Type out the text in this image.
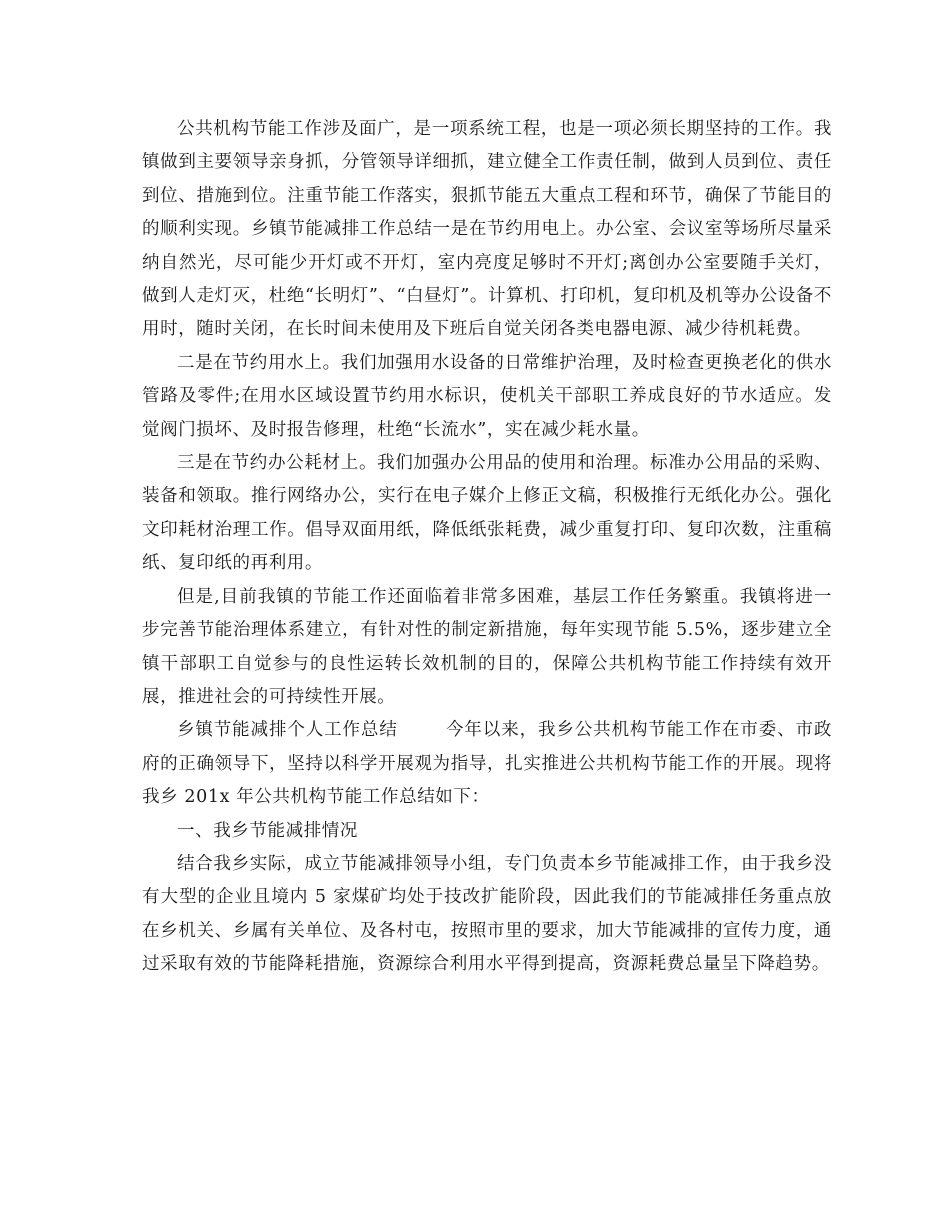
公共机构节能工作涉及面广，是一项系统工程，也是一项必须长期坚持的工作。我镇做到主要领导亲身抓，分管领导详细抓，建立健全工作责任制，做到人员到位、责任到位、措施到位。注重节能工作落实，狠抓节能五大重点工程和环节，确保了节能目的的顺利实现。乡镇节能减排工作总结一是在节约用电上。办公室、会议室等场所尽量采纳自然光，尽可能少开灯或不开灯，室内亮度足够时不开灯;离创办公室要随手关灯，做到人走灯灭，杜绝“长明灯”、“白昼灯”。计算机、打印机，复印机及机等办公设备不用时，随时关闭，在长时间未使用及下班后自觉关闭各类电器电源、减少待机耗费。

二是在节约用水上。我们加强用水设备的日常维护治理，及时检查更换老化的供水管路及零件;在用水区域设置节约用水标识，使机关干部职工养成良好的节水适应。发觉阀门损坏、及时报告修理，杜绝“长流水”，实在减少耗水量。

三是在节约办公耗材上。我们加强办公用品的使用和治理。标准办公用品的采购、装备和领取。推行网络办公，实行在电子媒介上修正文稿，积极推行无纸化办公。强化文印耗材治理工作。倡导双面用纸，降低纸张耗费，减少重复打印、复印次数，注重稿纸、复印纸的再利用。

但是,目前我镇的节能工作还面临着非常多困难，基层工作任务繁重。我镇将进一步完善节能治理体系建立，有针对性的制定新措施，每年实现节能 5.5%，逐步建立全镇干部职工自觉参与的良性运转长效机制的目的，保障公共机构节能工作持续有效开展，推进社会的可持续性开展。

乡镇节能减排个人工作总结	今年以来，我乡公共机构节能工作在市委、市政府的正确领导下，坚持以科学开展观为指导，扎实推进公共机构节能工作的开展。现将我乡 201x 年公共机构节能工作总结如下：

一、我乡节能减排情况

结合我乡实际，成立节能减排领导小组，专门负责本乡节能减排工作，由于我乡没有大型的企业且境内 5 家煤矿均处于技改扩能阶段，因此我们的节能减排任务重点放在乡机关、乡属有关单位、及各村屯，按照市里的要求，加大节能减排的宣传力度，通过采取有效的节能降耗措施，资源综合利用水平得到提高，资源耗费总量呈下降趋势。
